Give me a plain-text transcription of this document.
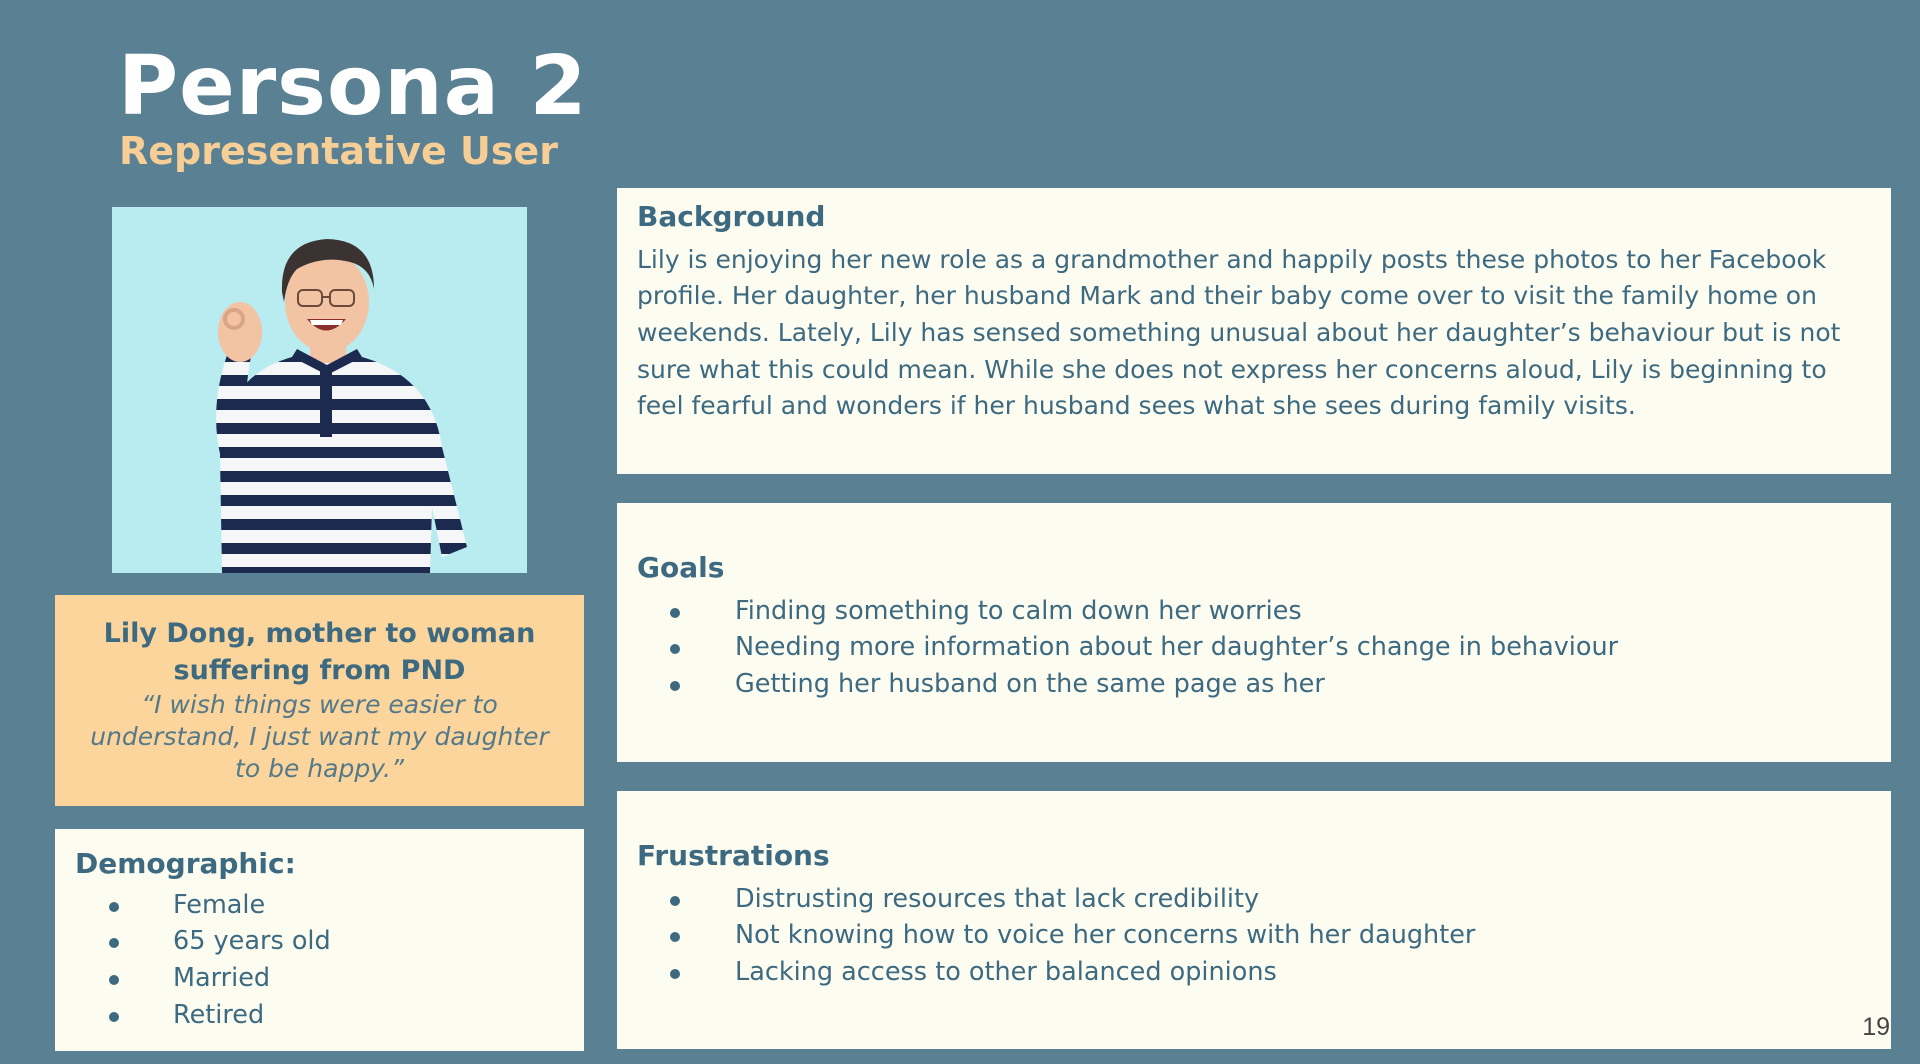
Persona 2
Representative User
Lily Dong, mother to woman suffering from PND
“I wish things were easier to understand, I just want my daughter to be happy.”
Demographic:
Female
65 years old
Married
Retired
Background

Lily is enjoying her new role as a grandmother and happily posts these photos to her Facebook profile. Her daughter, her husband Mark and their baby come over to visit the family home on weekends. Lately, Lily has sensed something unusual about her daughter’s behaviour but is not sure what this could mean. While she does not express her concerns aloud, Lily is beginning to feel fearful and wonders if her husband sees what she sees during family visits.

Goals
Finding something to calm down her worries
Needing more information about her daughter’s change in behaviour
Getting her husband on the same page as her
Frustrations
Distrusting resources that lack credibility
Not knowing how to voice her concerns with her daughter
Lacking access to other balanced opinions
19
